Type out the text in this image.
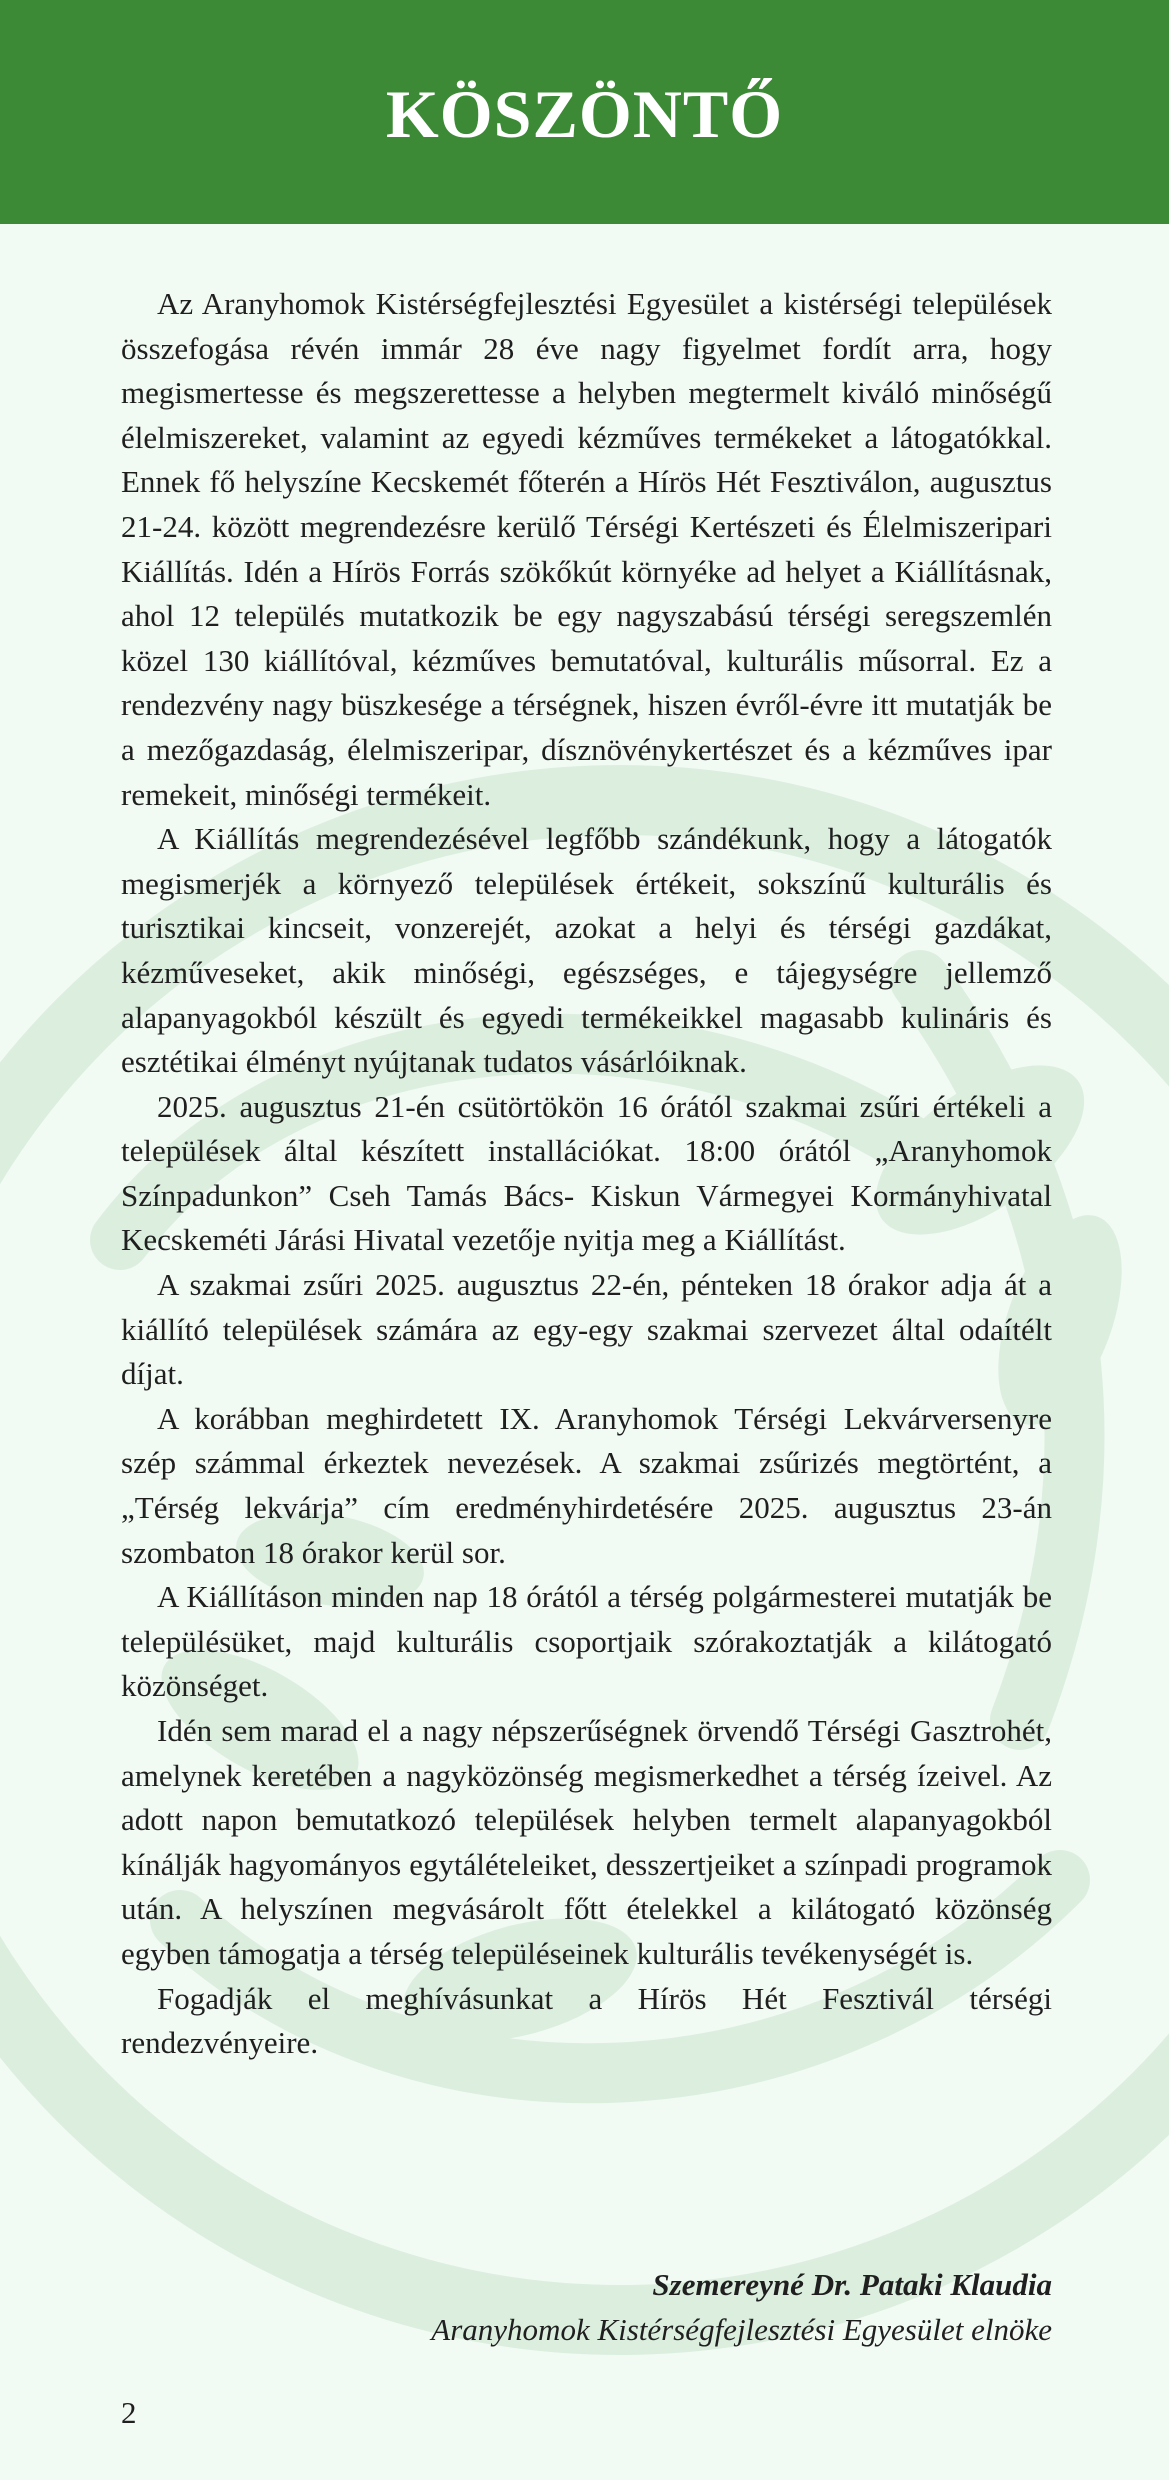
KÖSZÖNTŐ

Az Aranyhomok Kistérségfejlesztési Egyesület a kistérségi települések összefogása révén immár 28 éve nagy figyelmet fordít arra, hogy megismertesse és megszerettesse a helyben megtermelt kiváló minőségű élelmiszereket, valamint az egyedi kézműves termékeket a látogatókkal. Ennek fő helyszíne Kecskemét főterén a Hírös Hét Fesztiválon, augusztus 21-24. között megrendezésre kerülő Térségi Kertészeti és Élelmiszeripari Kiállítás. Idén a Hírös Forrás szökőkút környéke ad helyet a Kiállításnak, ahol 12 település mutatkozik be egy nagyszabású térségi seregszemlén közel 130 kiállítóval, kézműves bemutatóval, kulturális műsorral. Ez a rendezvény nagy büszkesége a térségnek, hiszen évről-évre itt mutatják be a mezőgazdaság, élelmiszeripar, dísznövénykertészet és a kézműves ipar remekeit, minőségi termékeit.

A Kiállítás megrendezésével legfőbb szándékunk, hogy a látogatók megismerjék a környező települések értékeit, sokszínű kulturális és turisztikai kincseit, vonzerejét, azokat a helyi és térségi gazdákat, kézműveseket, akik minőségi, egészséges, e tájegységre jellemző alapanyagokból készült és egyedi termékeikkel magasabb kulináris és esztétikai élményt nyújtanak tudatos vásárlóiknak.

2025. augusztus 21-én csütörtökön 16 órától szakmai zsűri értékeli a települések által készített installációkat. 18:00 órától „Aranyhomok Színpadunkon” Cseh Tamás Bács- Kiskun Vármegyei Kormányhivatal Kecskeméti Járási Hivatal vezetője nyitja meg a Kiállítást.

A szakmai zsűri 2025. augusztus 22-én, pénteken 18 órakor adja át a kiállító települések számára az egy-egy szakmai szervezet által odaítélt díjat.

A korábban meghirdetett IX. Aranyhomok Térségi Lekvárversenyre szép számmal érkeztek nevezések. A szakmai zsűrizés megtörtént, a „Térség lekvárja” cím eredményhirdetésére 2025. augusztus 23-án szombaton 18 órakor kerül sor.

A Kiállításon minden nap 18 órától a térség polgármesterei mutatják be településüket, majd kulturális csoportjaik szórakoztatják a kilátogató közönséget.

Idén sem marad el a nagy népszerűségnek örvendő Térségi Gasztrohét, amelynek keretében a nagyközönség megismerkedhet a térség ízeivel. Az adott napon bemutatkozó települések helyben termelt alapanyagokból kínálják hagyományos egytálételeiket, desszertjeiket a színpadi programok után. A helyszínen megvásárolt főtt ételekkel a kilátogató közönség egyben támogatja a térség településeinek kulturális tevékenységét is.

Fogadják el meghívásunkat a Hírös Hét Fesztivál térségi rendezvényeire.

Szemereyné Dr. Pataki Klaudia
Aranyhomok Kistérségfejlesztési Egyesület elnöke
2
